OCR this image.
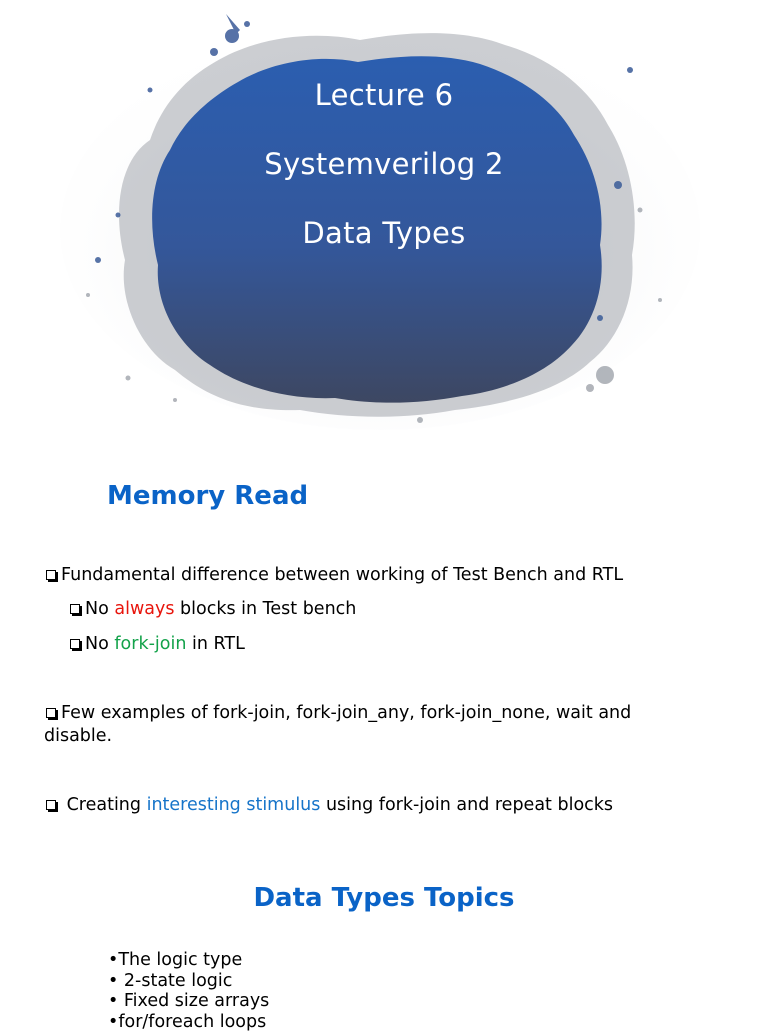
Lecture 6
Systemverilog 2
Data Types
Memory Read
Fundamental difference between working of Test Bench and RTL
No always blocks in Test bench
No fork-join in RTL
Few examples of fork-join, fork-join_any, fork-join_none, wait and
disable.
Creating interesting stimulus using fork-join and repeat blocks
Data Types Topics
•The logic type
• 2-state logic
• Fixed size arrays
•for/foreach loops
